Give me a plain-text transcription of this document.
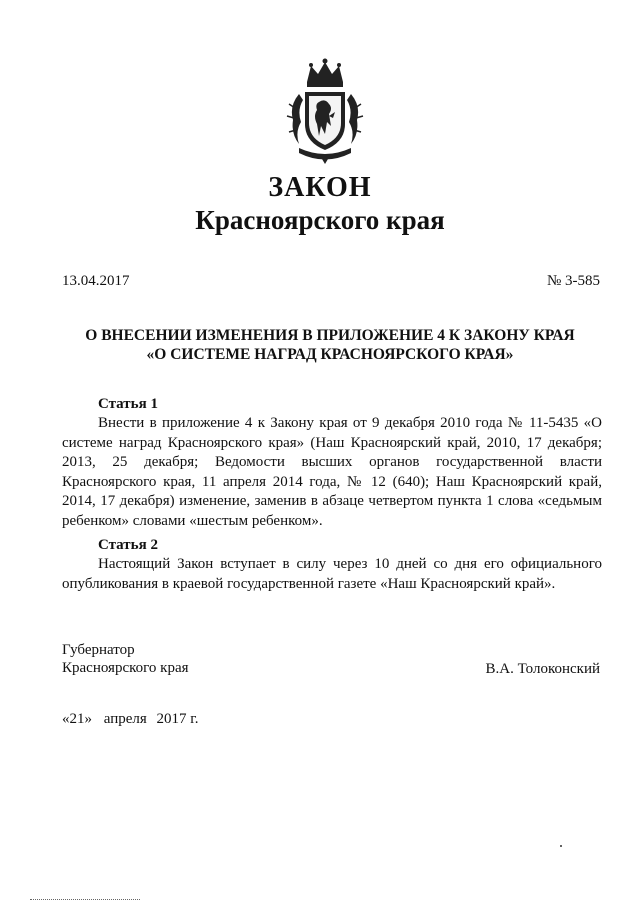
ЗАКОН
Красноярского края
13.04.2017	№ 3-585
О ВНЕСЕНИИ ИЗМЕНЕНИЯ В ПРИЛОЖЕНИЕ 4 К ЗАКОНУ КРАЯ
«О СИСТЕМЕ НАГРАД КРАСНОЯРСКОГО КРАЯ»
Статья 1

Внести в приложение 4 к Закону края от 9 декабря 2010 года № 11-5435 «О системе наград Красноярского края» (Наш Красноярский край, 2010, 17 декабря; 2013, 25 декабря; Ведомости высших органов государственной власти Красноярского края, 11 апреля 2014 года, № 12 (640); Наш Красноярский край, 2014, 17 декабря) изменение, заменив в абзаце четвертом пункта 1 слова «седьмым ребенком» словами «шестым ребенком».

Статья 2

Настоящий Закон вступает в силу через 10 дней со дня его официального опубликования в краевой государственной газете «Наш Красноярский край».

Губернатор
Красноярского края	В.А. Толоконский
«21» апреля 2017 г.
